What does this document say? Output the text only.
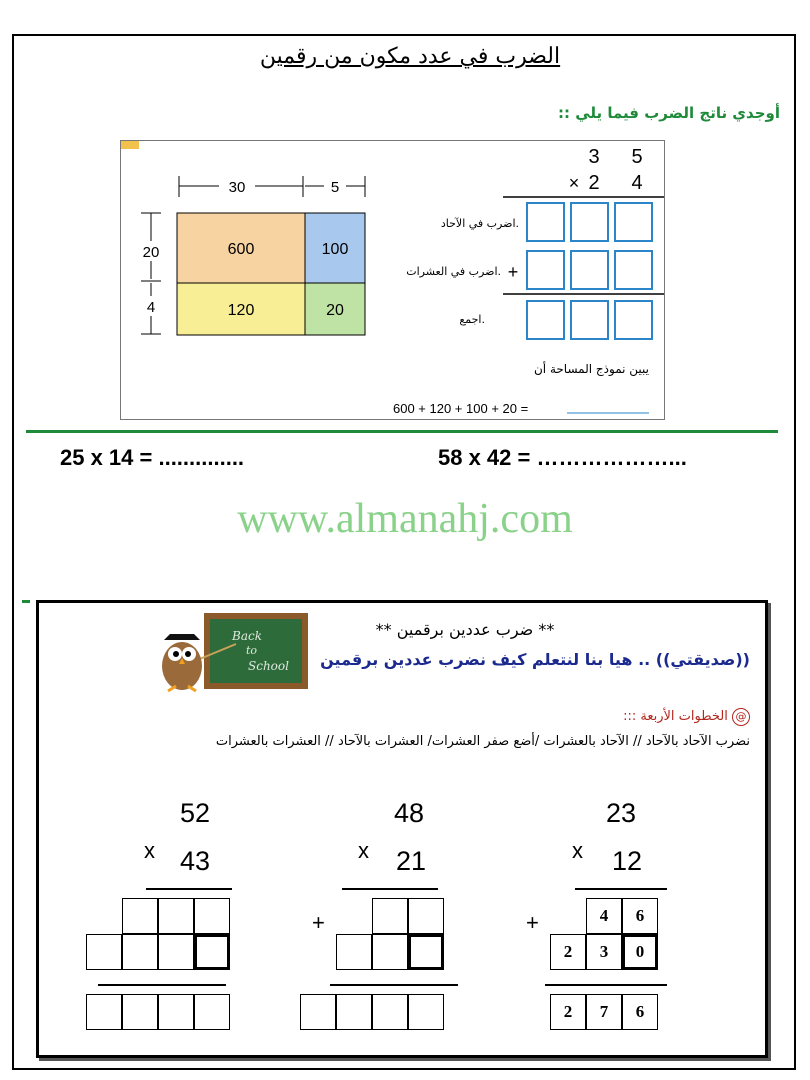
الضرب في عدد مكون من رقمين
أوجدي ناتج الضرب فيما يلي ::
30	5
20
4
600	100
120	20
3 5
× 2 4
+
اضرب في الآحاد.
اضرب في العشرات.
اجمع.
يبين نموذج المساحة أن
600 + 120 + 100 + 20 =
25 x 14 = ..............	58 x 42 = ………………...
www.almanahj.com
Back
to
School
** ضرب عددين برقمين **
((صديقتي)) .. هيا بنا لنتعلم كيف نضرب عددين برقمين
@ الخطوات الأربعة :::
نضرب الآحاد بالآحاد // الآحاد بالعشرات /أضع صفر العشرات/ العشرات بالآحاد // العشرات بالعشرات
23
x 12
+	4	6
2	3	0
2	7	6
48
x 21
+
52
x 43
